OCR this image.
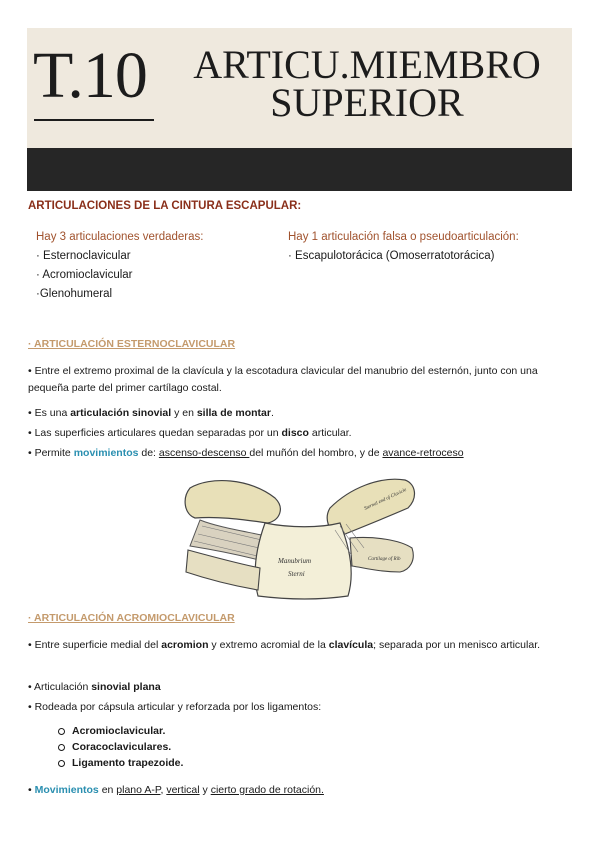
T.10	ARTICU.MIEMBRO
SUPERIOR
ARTICULACIONES DE LA CINTURA ESCAPULAR:
Hay 3 articulaciones verdaderas:
· Esternoclavicular
· Acromioclavicular
·Glenohumeral
Hay 1 articulación falsa o pseudoarticulación:
· Escapulotorácica (Omoserratotorácica)
· ARTICULACIÓN ESTERNOCLAVICULAR
• Entre el extremo proximal de la clavícula y la escotadura clavicular del manubrio del esternón, junto con una pequeña parte del primer cartílago costal.
• Es una articulación sinovial y en silla de montar.
• Las superficies articulares quedan separadas por un disco articular.
• Permite movimientos de: ascenso-descenso del muñón del hombro, y de avance-retroceso
Manubrium
Sterni
Sternal end of Clavicle
Cartilage of Rib
· ARTICULACIÓN ACROMIOCLAVICULAR
• Entre superficie medial del acromion y extremo acromial de la clavícula; separada por un menisco articular.
• Articulación sinovial plana
• Rodeada por cápsula articular y reforzada por los ligamentos:
Acromioclavicular.
Coracoclaviculares.
Ligamento trapezoide.
• Movimientos en plano A-P, vertical y cierto grado de rotación.
